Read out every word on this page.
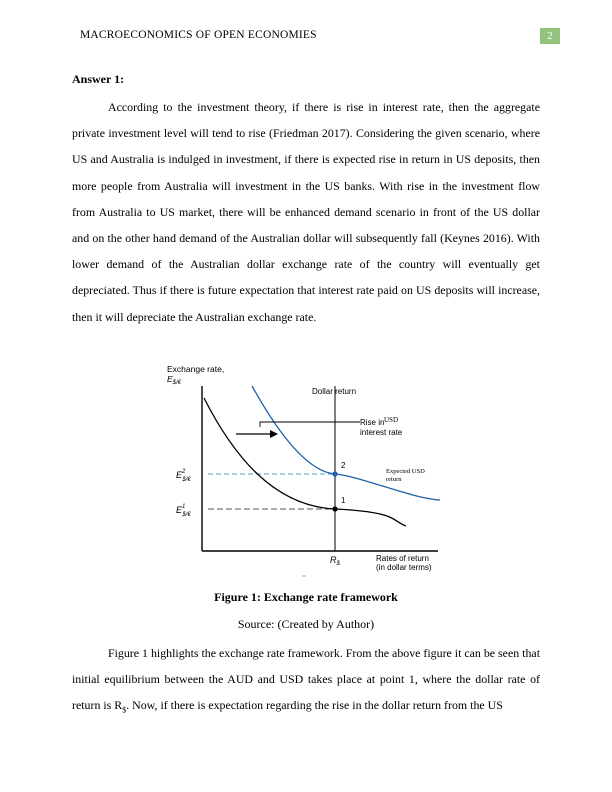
MACROECONOMICS OF OPEN ECONOMIES	2
Answer 1:

According to the investment theory, if there is rise in interest rate, then the aggregate private investment level will tend to rise (Friedman 2017). Considering the given scenario, where US and Australia is indulged in investment, if there is expected rise in return in US deposits, then more people from Australia will investment in the US banks. With rise in the investment flow from Australia to US market, there will be enhanced demand scenario in front of the US dollar and on the other hand demand of the Australian dollar will subsequently fall (Keynes 2016). With lower demand of the Australian dollar exchange rate of the country will eventually get depreciated. Thus if there is future expectation that interest rate paid on US deposits will increase, then it will depreciate the Australian exchange rate.

Exchange rate,
$E_{\$/€}$
Dollar return
2
1
$E^2$ $/€
$E^1$ $/€
Rise in USD
interest rate
Expected USD
return
$R_{\$}$
Rates of return
(in dollar terms)
Figure 1: Exchange rate framework
Source: (Created by Author)

Figure 1 highlights the exchange rate framework. From the above figure it can be seen that initial equilibrium between the AUD and USD takes place at point 1, where the dollar rate of return is $R_{\$}$. Now, if there is expectation regarding the rise in the dollar return from the US
